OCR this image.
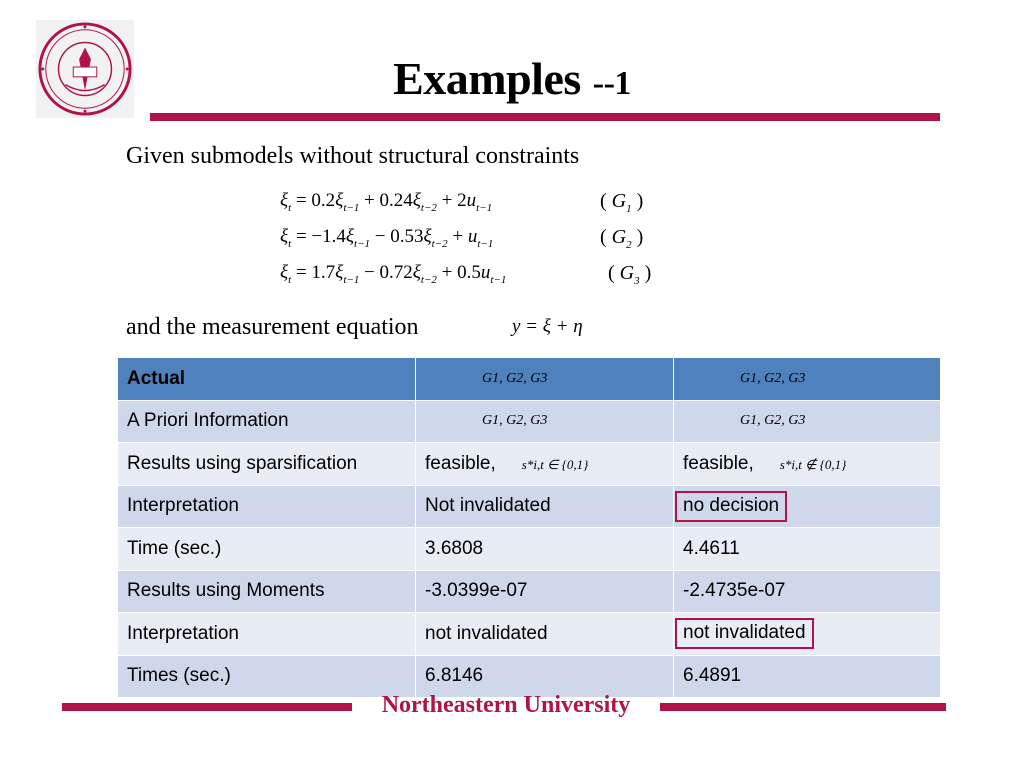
Examples --1
Given submodels without structural constraints
$\xi_t = 0.2\xi_{t-1} + 0.24\xi_{t-2} + 2u_{t-1}$	( $G_1$ )
$\xi_t = -1.4\xi_{t-1} - 0.53\xi_{t-2} + u_{t-1}$	( $G_2$ )
$\xi_t = 1.7\xi_{t-1} - 0.72\xi_{t-2} + 0.5u_{t-1}$	( $G_3$ )
and the measurement equation	y = ξ + η
Actual	G1, G2, G3	G1, G2, G3
A Priori Information	G1, G2, G3	G1, G2, G3
Results using sparsification	feasible, s*i,t ∈ {0,1}	feasible, s*i,t ∉ {0,1}
Interpretation	Not invalidated	no decision
Time (sec.)	3.6808	4.4611
Results using Moments	-3.0399e-07	-2.4735e-07
Interpretation	not invalidated	not invalidated
Times (sec.)	6.8146	6.4891
Northeastern University
